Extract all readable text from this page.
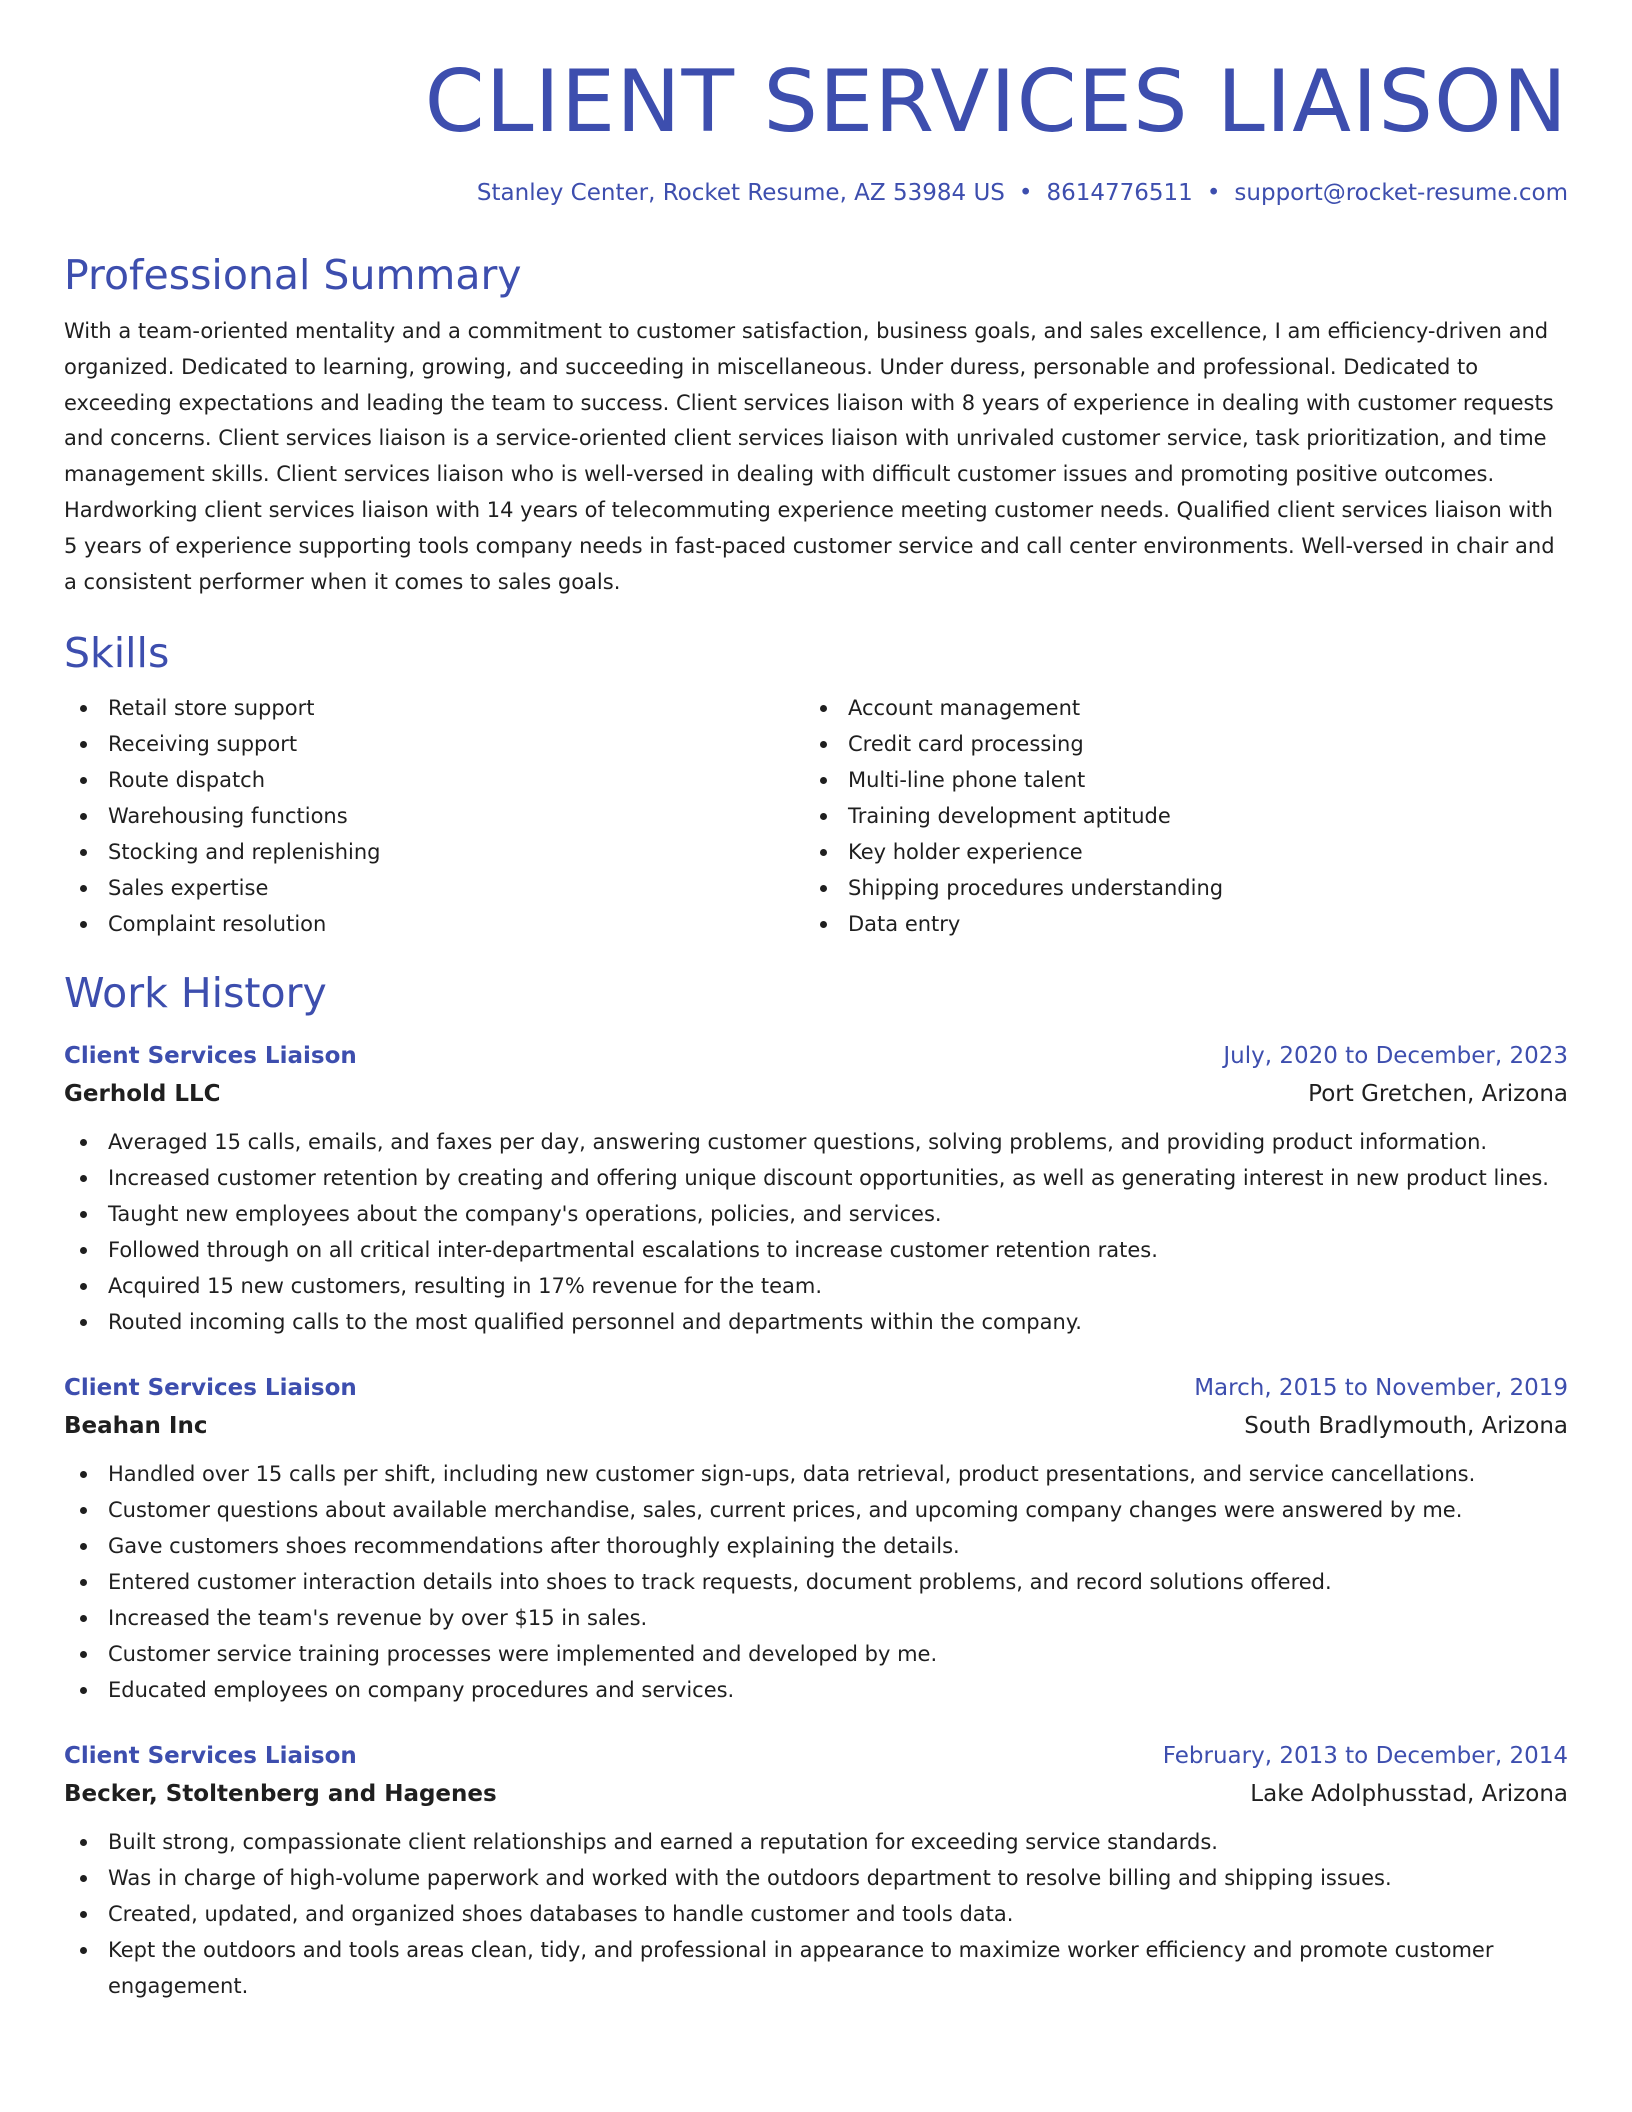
CLIENT SERVICES LIAISON
Stanley Center, Rocket Resume, AZ 53984 US • 8614776511 • support@rocket-resume.com
Professional Summary

With a team-oriented mentality and a commitment to customer satisfaction, business goals, and sales excellence, I am efficiency-driven and organized. Dedicated to learning, growing, and succeeding in miscellaneous. Under duress, personable and professional. Dedicated to exceeding expectations and leading the team to success. Client services liaison with 8 years of experience in dealing with customer requests and concerns. Client services liaison is a service-oriented client services liaison with unrivaled customer service, task prioritization, and time management skills. Client services liaison who is well-versed in dealing with difficult customer issues and promoting positive outcomes. Hardworking client services liaison with 14 years of telecommuting experience meeting customer needs. Qualified client services liaison with 5 years of experience supporting tools company needs in fast-paced customer service and call center environments. Well-versed in chair and a consistent performer when it comes to sales goals.

Skills
Retail store support
Receiving support
Route dispatch
Warehousing functions
Stocking and replenishing
Sales expertise
Complaint resolution
Account management
Credit card processing
Multi-line phone talent
Training development aptitude
Key holder experience
Shipping procedures understanding
Data entry
Work History
Client Services Liaison	July, 2020 to December, 2023
Gerhold LLC	Port Gretchen, Arizona
Averaged 15 calls, emails, and faxes per day, answering customer questions, solving problems, and providing product information.
Increased customer retention by creating and offering unique discount opportunities, as well as generating interest in new product lines.
Taught new employees about the company's operations, policies, and services.
Followed through on all critical inter-departmental escalations to increase customer retention rates.
Acquired 15 new customers, resulting in 17% revenue for the team.
Routed incoming calls to the most qualified personnel and departments within the company.
Client Services Liaison	March, 2015 to November, 2019
Beahan Inc	South Bradlymouth, Arizona
Handled over 15 calls per shift, including new customer sign-ups, data retrieval, product presentations, and service cancellations.
Customer questions about available merchandise, sales, current prices, and upcoming company changes were answered by me.
Gave customers shoes recommendations after thoroughly explaining the details.
Entered customer interaction details into shoes to track requests, document problems, and record solutions offered.
Increased the team's revenue by over $15 in sales.
Customer service training processes were implemented and developed by me.
Educated employees on company procedures and services.
Client Services Liaison	February, 2013 to December, 2014
Becker, Stoltenberg and Hagenes	Lake Adolphusstad, Arizona
Built strong, compassionate client relationships and earned a reputation for exceeding service standards.
Was in charge of high-volume paperwork and worked with the outdoors department to resolve billing and shipping issues.
Created, updated, and organized shoes databases to handle customer and tools data.
Kept the outdoors and tools areas clean, tidy, and professional in appearance to maximize worker efficiency and promote customer engagement.
